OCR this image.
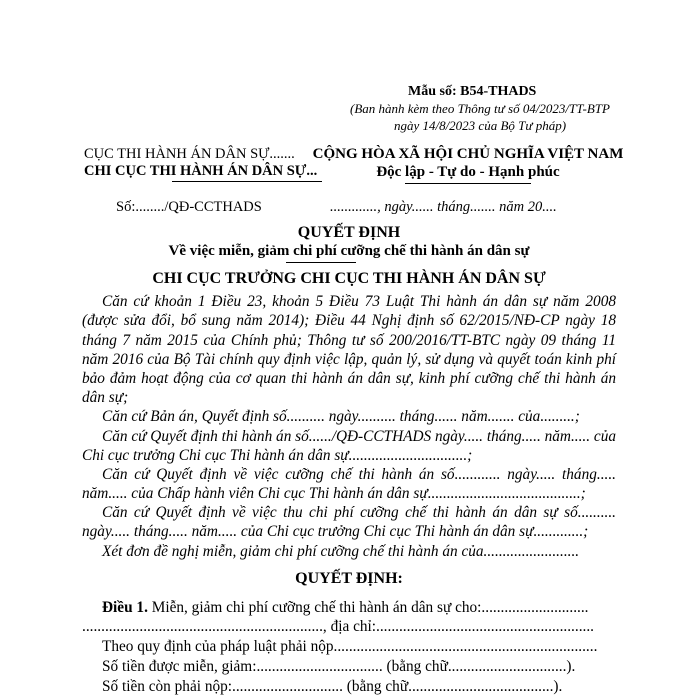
Mẫu số: B54-THADS
(Ban hành kèm theo Thông tư số 04/2023/TT-BTP
ngày 14/8/2023 của Bộ Tư pháp)
CỤC THI HÀNH ÁN DÂN SỰ.......
CHI CỤC THI HÀNH ÁN DÂN SỰ...
CỘNG HÒA XÃ HỘI CHỦ NGHĨA VIỆT NAM
Độc lập - Tự do - Hạnh phúc
Số:......../QĐ-CCTHADS	............., ngày...... tháng....... năm 20....
QUYẾT ĐỊNH
Về việc miễn, giảm chi phí cưỡng chế thi hành án dân sự
CHI CỤC TRƯỞNG CHI CỤC THI HÀNH ÁN DÂN SỰ
Căn cứ khoản 1 Điều 23, khoản 5 Điều 73 Luật Thi hành án dân sự năm 2008 (được sửa đổi, bổ sung năm 2014); Điều 44 Nghị định số 62/2015/NĐ-CP ngày 18 tháng 7 năm 2015 của Chính phủ; Thông tư số 200/2016/TT-BTC ngày 09 tháng 11 năm 2016 của Bộ Tài chính quy định việc lập, quản lý, sử dụng và quyết toán kinh phí bảo đảm hoạt động của cơ quan thi hành án dân sự, kinh phí cưỡng chế thi hành án dân sự;
Căn cứ Bản án, Quyết định số.......... ngày.......... tháng...... năm....... của.........;
Căn cứ Quyết định thi hành án số....../QĐ-CCTHADS ngày..... tháng..... năm..... của Chi cục trưởng Chi cục Thi hành án dân sự...............................;
Căn cứ Quyết định về việc cưỡng chế thi hành án số............ ngày..... tháng..... năm..... của Chấp hành viên Chi cục Thi hành án dân sự........................................;
Căn cứ Quyết định về việc thu chi phí cưỡng chế thi hành án dân sự số.......... ngày..... tháng..... năm..... của Chi cục trưởng Chi cục Thi hành án dân sự.............;
Xét đơn đề nghị miễn, giảm chi phí cưỡng chế thi hành án của.........................
QUYẾT ĐỊNH:
Điều 1. Miễn, giảm chi phí cưỡng chế thi hành án dân sự cho:............................
..............................................................., địa chỉ:.........................................................
Theo quy định của pháp luật phải nộp.....................................................................
Số tiền được miễn, giảm:................................. (bằng chữ...............................).
Số tiền còn phải nộp:............................. (bằng chữ......................................).
